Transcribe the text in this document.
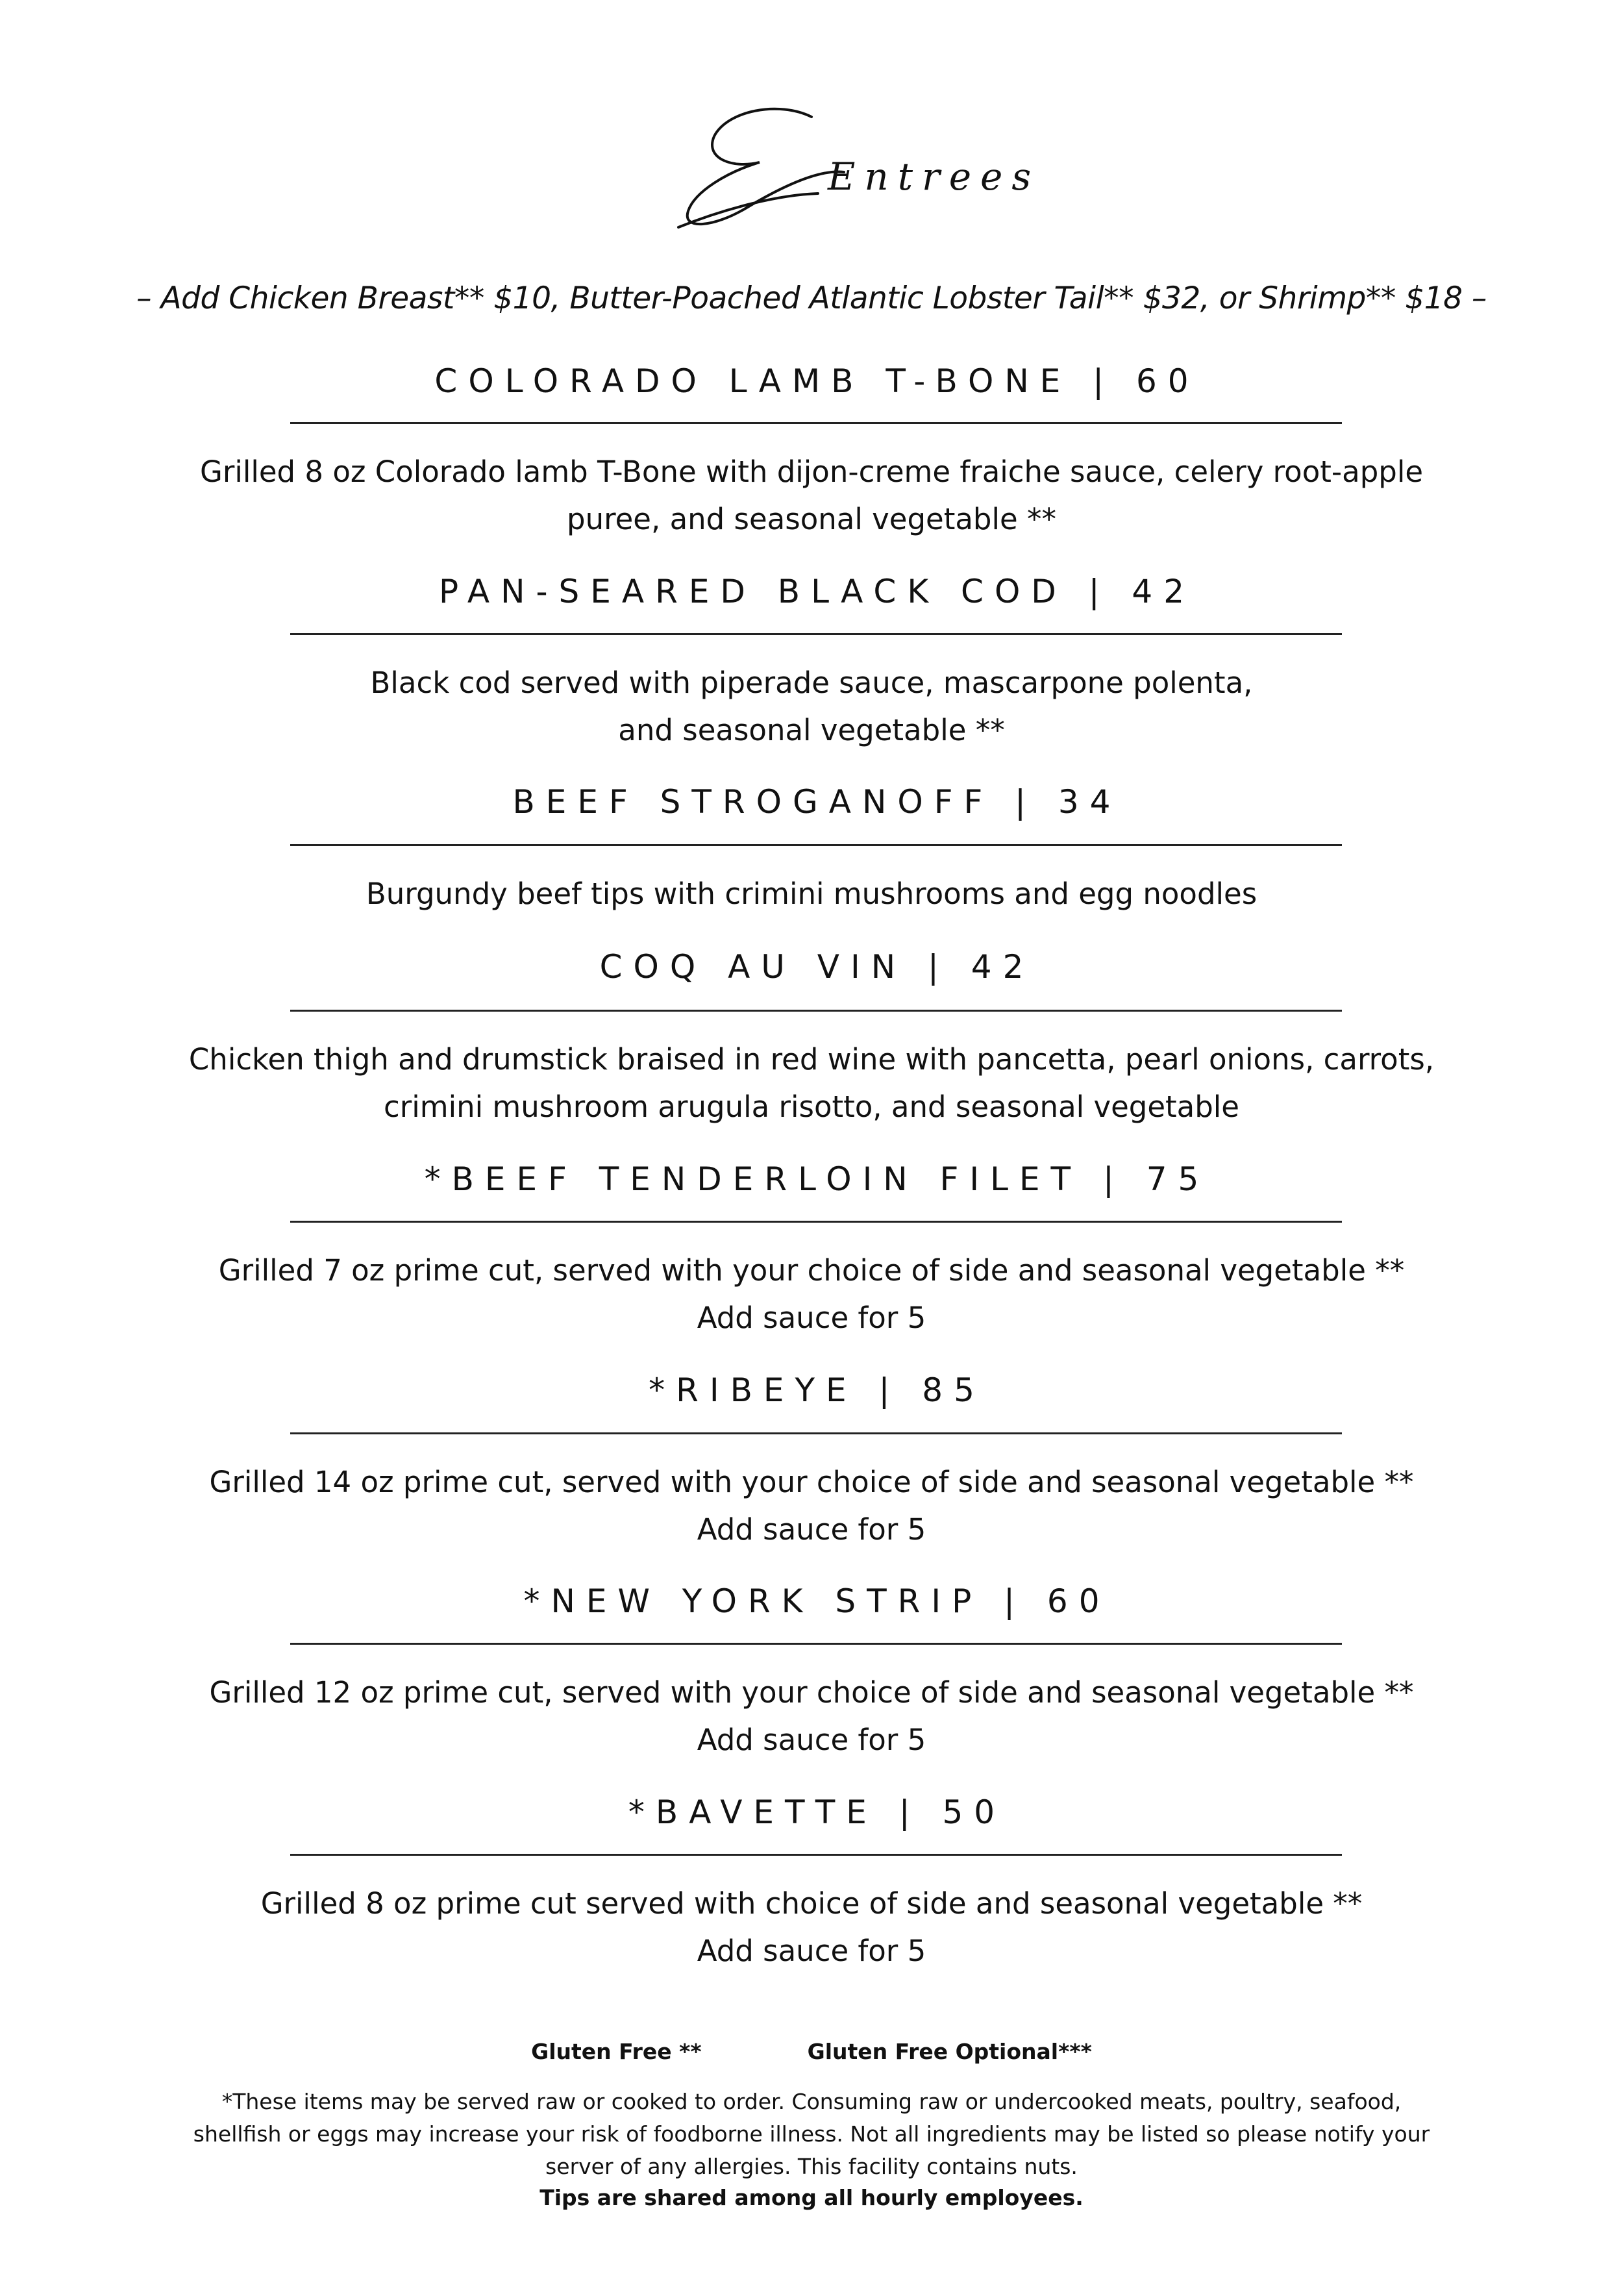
Entrees
– Add Chicken Breast** $10, Butter-Poached Atlantic Lobster Tail** $32, or Shrimp** $18 –
COLORADO LAMB T-BONE | 60
Grilled 8 oz Colorado lamb T-Bone with dijon-creme fraiche sauce, celery root-apple
puree, and seasonal vegetable **
PAN-SEARED BLACK COD | 42
Black cod served with piperade sauce, mascarpone polenta,
and seasonal vegetable **
BEEF STROGANOFF | 34
Burgundy beef tips with crimini mushrooms and egg noodles
COQ AU VIN | 42
Chicken thigh and drumstick braised in red wine with pancetta, pearl onions, carrots,
crimini mushroom arugula risotto, and seasonal vegetable
*BEEF TENDERLOIN FILET | 75
Grilled 7 oz prime cut, served with your choice of side and seasonal vegetable **
Add sauce for 5
*RIBEYE | 85
Grilled 14 oz prime cut, served with your choice of side and seasonal vegetable **
Add sauce for 5
*NEW YORK STRIP | 60
Grilled 12 oz prime cut, served with your choice of side and seasonal vegetable **
Add sauce for 5
*BAVETTE | 50
Grilled 8 oz prime cut served with choice of side and seasonal vegetable **
Add sauce for 5
Gluten Free **	Gluten Free Optional***
*These items may be served raw or cooked to order. Consuming raw or undercooked meats, poultry, seafood,
shellfish or eggs may increase your risk of foodborne illness. Not all ingredients may be listed so please notify your
server of any allergies. This facility contains nuts.
Tips are shared among all hourly employees.
